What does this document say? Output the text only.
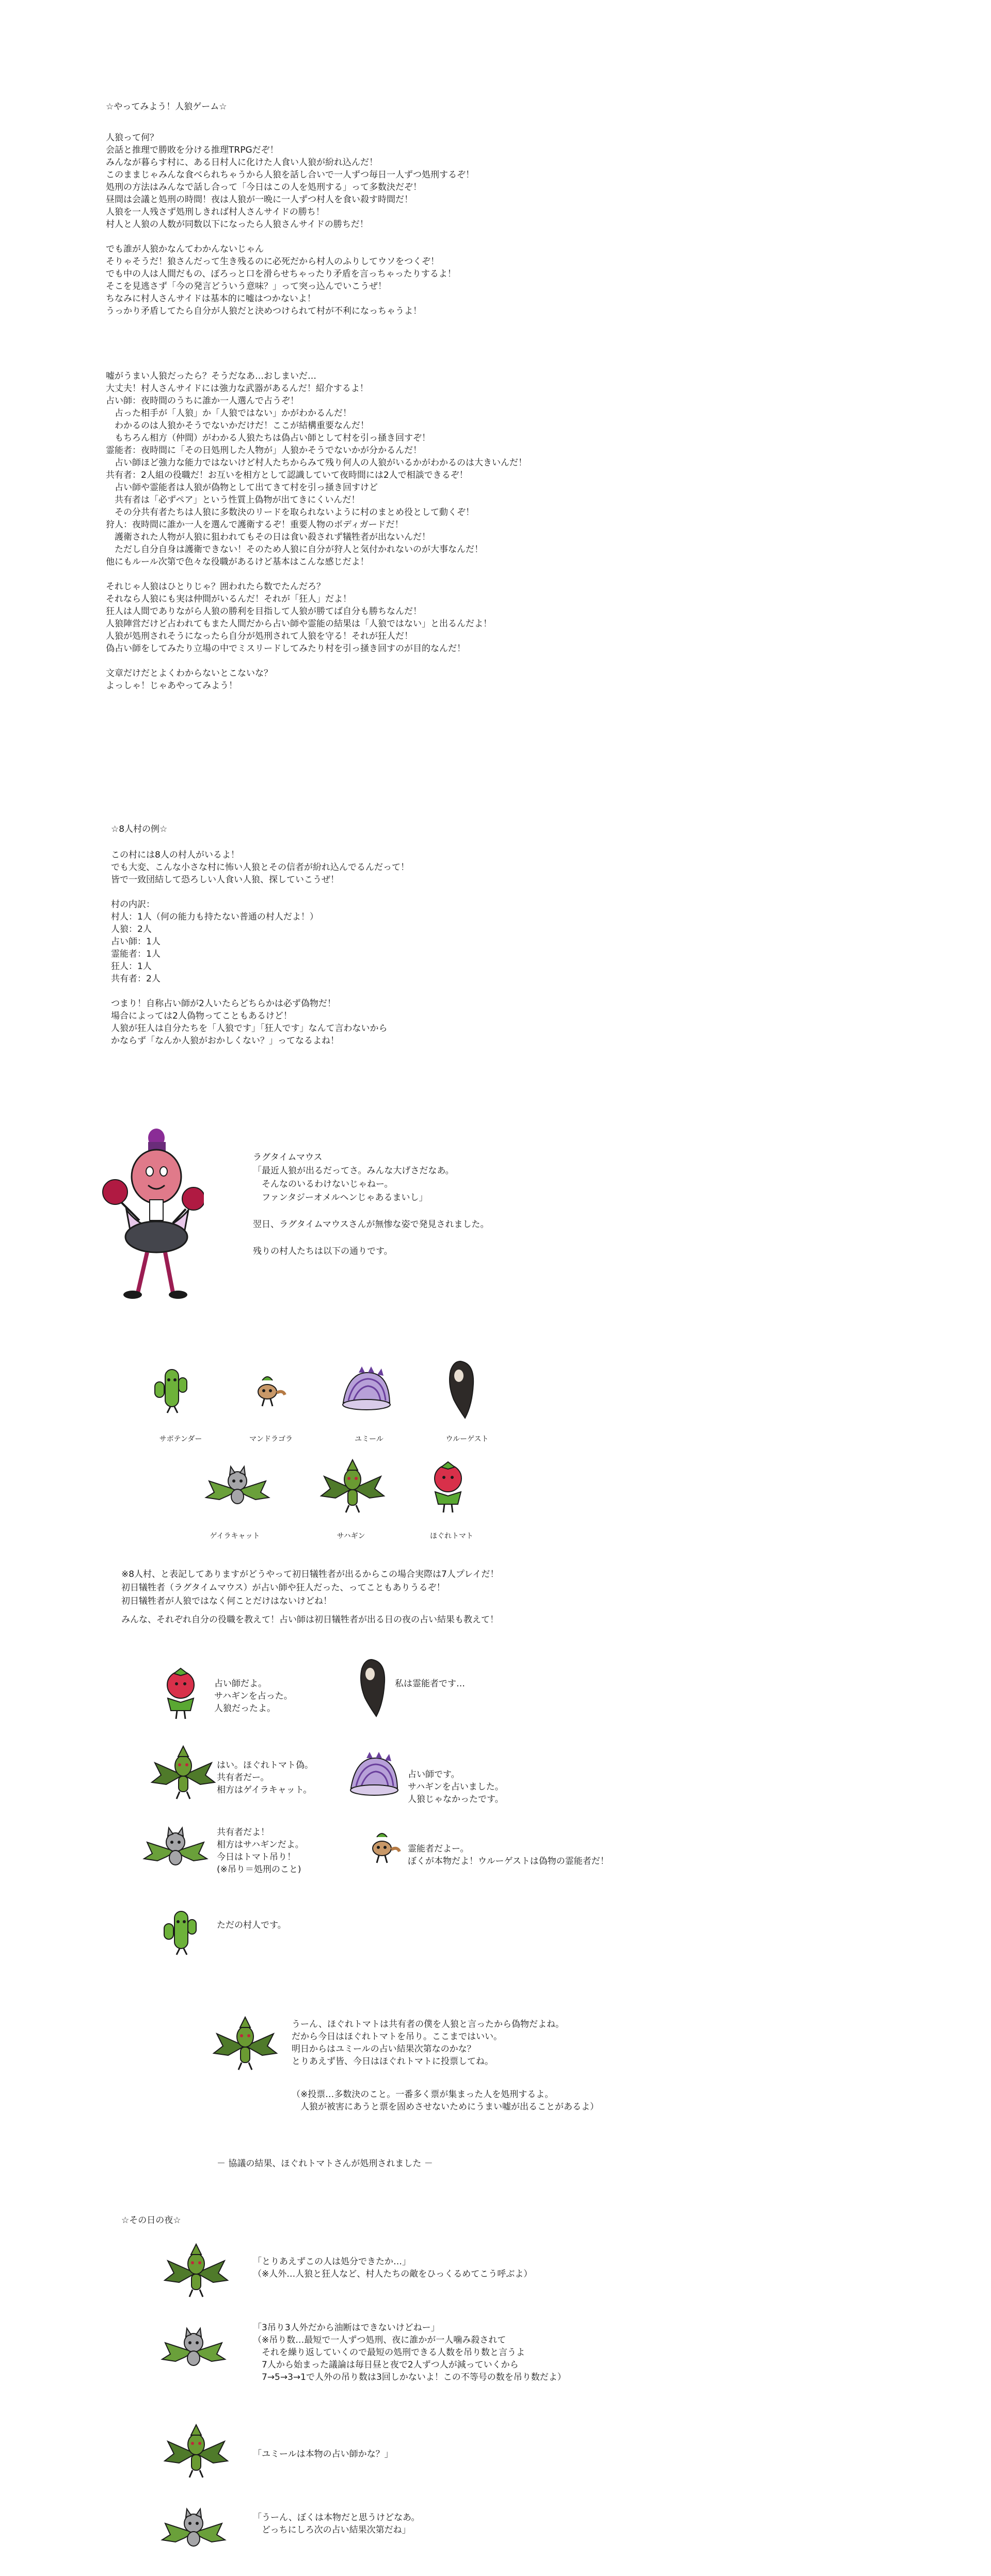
☆やってみよう！人狼ゲーム☆
人狼って何？
会話と推理で勝敗を分ける推理TRPGだぞ！
みんなが暮らす村に、ある日村人に化けた人食い人狼が紛れ込んだ！
このままじゃみんな食べられちゃうから人狼を話し合いで一人ずつ毎日一人ずつ処刑するぞ！
処刑の方法はみんなで話し合って「今日はこの人を処刑する」って多数決だぞ！
昼間は会議と処刑の時間！夜は人狼が一晩に一人ずつ村人を食い殺す時間だ！
人狼を一人残さず処刑しきれば村人さんサイドの勝ち！
村人と人狼の人数が同数以下になったら人狼さんサイドの勝ちだ！
でも誰が人狼かなんてわかんないじゃん
そりゃそうだ！狼さんだって生き残るのに必死だから村人のふりしてウソをつくぞ！
でも中の人は人間だもの、ぽろっと口を滑らせちゃったり矛盾を言っちゃったりするよ！
そこを見逃さず「今の発言どういう意味？」って突っ込んでいこうぜ！
ちなみに村人さんサイドは基本的に嘘はつかないよ！
うっかり矛盾してたら自分が人狼だと決めつけられて村が不利になっちゃうよ！
嘘がうまい人狼だったら？そうだなあ…おしまいだ…
大丈夫！村人さんサイドには強力な武器があるんだ！紹介するよ！
占い師：夜時間のうちに誰か一人選んで占うぞ！
　占った相手が「人狼」か「人狼ではない」かがわかるんだ！
　わかるのは人狼かそうでないかだけだ！ここが結構重要なんだ！
　もちろん相方（仲間）がわかる人狼たちは偽占い師として村を引っ掻き回すぞ！
霊能者：夜時間に「その日処刑した人物が」人狼かそうでないかが分かるんだ！
　占い師ほど強力な能力ではないけど村人たちからみて残り何人の人狼がいるかがわかるのは大きいんだ！
共有者：2人組の役職だ！お互いを相方として認識していて夜時間には2人で相談できるぞ！
　占い師や霊能者は人狼が偽物として出てきて村を引っ掻き回すけど
　共有者は「必ずペア」という性質上偽物が出てきにくいんだ！
　その分共有者たちは人狼に多数決のリードを取られないように村のまとめ役として動くぞ！
狩人：夜時間に誰か一人を選んで護衛するぞ！重要人物のボディガードだ！
　護衛された人物が人狼に狙われてもその日は食い殺されず犠牲者が出ないんだ！
　ただし自分自身は護衛できない！そのため人狼に自分が狩人と気付かれないのが大事なんだ！
他にもルール次第で色々な役職があるけど基本はこんな感じだよ！
それじゃ人狼はひとりじゃ？囲われたら数でたんだろ？
それなら人狼にも実は仲間がいるんだ！それが「狂人」だよ！
狂人は人間でありながら人狼の勝利を目指して人狼が勝てば自分も勝ちなんだ！
人狼陣営だけど占われてもまた人間だから占い師や霊能の結果は「人狼ではない」と出るんだよ！
人狼が処刑されそうになったら自分が処刑されて人狼を守る！それが狂人だ！
偽占い師をしてみたり立場の中でミスリードしてみたり村を引っ掻き回すのが目的なんだ！
文章だけだとよくわからないとこないな？
よっしゃ！じゃあやってみよう！
☆8人村の例☆
この村には8人の村人がいるよ！
でも大変、こんな小さな村に怖い人狼とその信者が紛れ込んでるんだって！
皆で一致団結して恐ろしい人食い人狼、探していこうぜ！
村の内訳：
村人：1人（何の能力も持たない普通の村人だよ！）
人狼：2人
占い師：1人
霊能者：1人
狂人：1人
共有者：2人
つまり！自称占い師が2人いたらどちらかは必ず偽物だ！
場合によっては2人偽物ってこともあるけど！
人狼が狂人は自分たちを「人狼です」「狂人です」なんて言わないから
かならず「なんか人狼がおかしくない？」ってなるよね！
ラグタイムマウス
「最近人狼が出るだってさ。みんな大げさだなあ。
　そんなのいるわけないじゃねー。
　ファンタジーオメルヘンじゃあるまいし」
翌日、ラグタイムマウスさんが無惨な姿で発見されました。
残りの村人たちは以下の通りです。
サボテンダー	マンドラゴラ	ユミール	ウルーゲスト
ゲイラキャット	サハギン	ほぐれトマト
※8人村、と表記してありますがどうやって初日犠牲者が出るからこの場合実際は7人プレイだ！
初日犠牲者（ラグタイムマウス）が占い師や狂人だった、ってこともありうるぞ！
初日犠牲者が人狼ではなく何ことだけはないけどね！
みんな、それぞれ自分の役職を教えて！占い師は初日犠牲者が出る日の夜の占い結果も教えて！
占い師だよ。
サハギンを占った。
人狼だったよ。
私は霊能者です…
はい。ほぐれトマト偽。
共有者だー。
相方はゲイラキャット。
占い師です。
サハギンを占いました。
人狼じゃなかったです。
共有者だよ！
相方はサハギンだよ。
今日はトマト吊り！
(※吊り＝処刑のこと)
霊能者だよー。
ぼくが本物だよ！ウルーゲストは偽物の霊能者だ！
ただの村人です。
うーん、ほぐれトマトは共有者の僕を人狼と言ったから偽物だよね。
だから今日はほぐれトマトを吊り。ここまではいい。
明日からはユミールの占い結果次第なのかな？
とりあえず皆、今日はほぐれトマトに投票してね。
（※投票…多数決のこと。一番多く票が集まった人を処刑するよ。
　人狼が被害にあうと票を固めさせないためにうまい嘘が出ることがあるよ）
－ 協議の結果、ほぐれトマトさんが処刑されました －
☆その日の夜☆
「とりあえずこの人は処分できたか…」
（※人外…人狼と狂人など、村人たちの敵をひっくるめてこう呼ぶよ）
「3吊り3人外だから油断はできないけどねー」
（※吊り数…最短で一人ずつ処刑、夜に誰かが一人噛み殺されて
　それを繰り返していくので最短の処刑できる人数を吊り数と言うよ
　7人から始まった議論は毎日昼と夜で2人ずつ人が減っていくから
　7→5→3→1で人外の吊り数は3回しかないよ！この不等号の数を吊り数だよ）
「ユミールは本物の占い師かな？」
「うーん、ぼくは本物だと思うけどなあ。
　どっちにしろ次の占い結果次第だね」
